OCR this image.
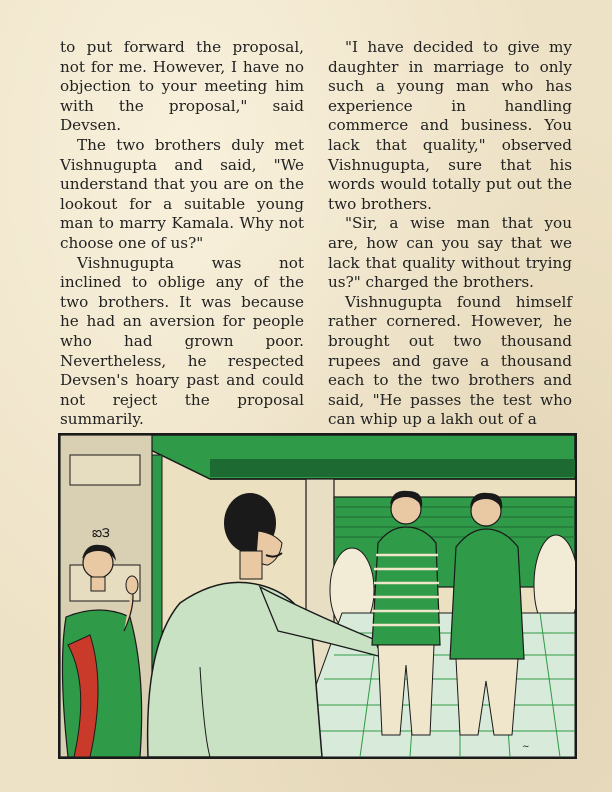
to put forward the proposal, not for me. However, I have no objection to your meeting him with the proposal," said Devsen.

The two brothers duly met Vishnugupta and said, "We understand that you are on the lookout for a suitable young man to marry Kamala. Why not choose one of us?"

Vishnugupta was not inclined to oblige any of the two brothers. It was because he had an aversion for people who had grown poor. Nevertheless, he respected Devsen's hoary past and could not reject the proposal summarily.

"I have decided to give my daughter in marriage to only such a young man who has experience in handling commerce and business. You lack that quality," observed Vishnugupta, sure that his words would totally put out the two brothers.

"Sir, a wise man that you are, how can you say that we lack that quality without trying us?" charged the brothers.

Vishnugupta found himself rather cornered. However, he brought out two thousand rupees and gave a thousand each to the two brothers and said, "He passes the test who can whip up a lakh out of a

ఐ౩
~
